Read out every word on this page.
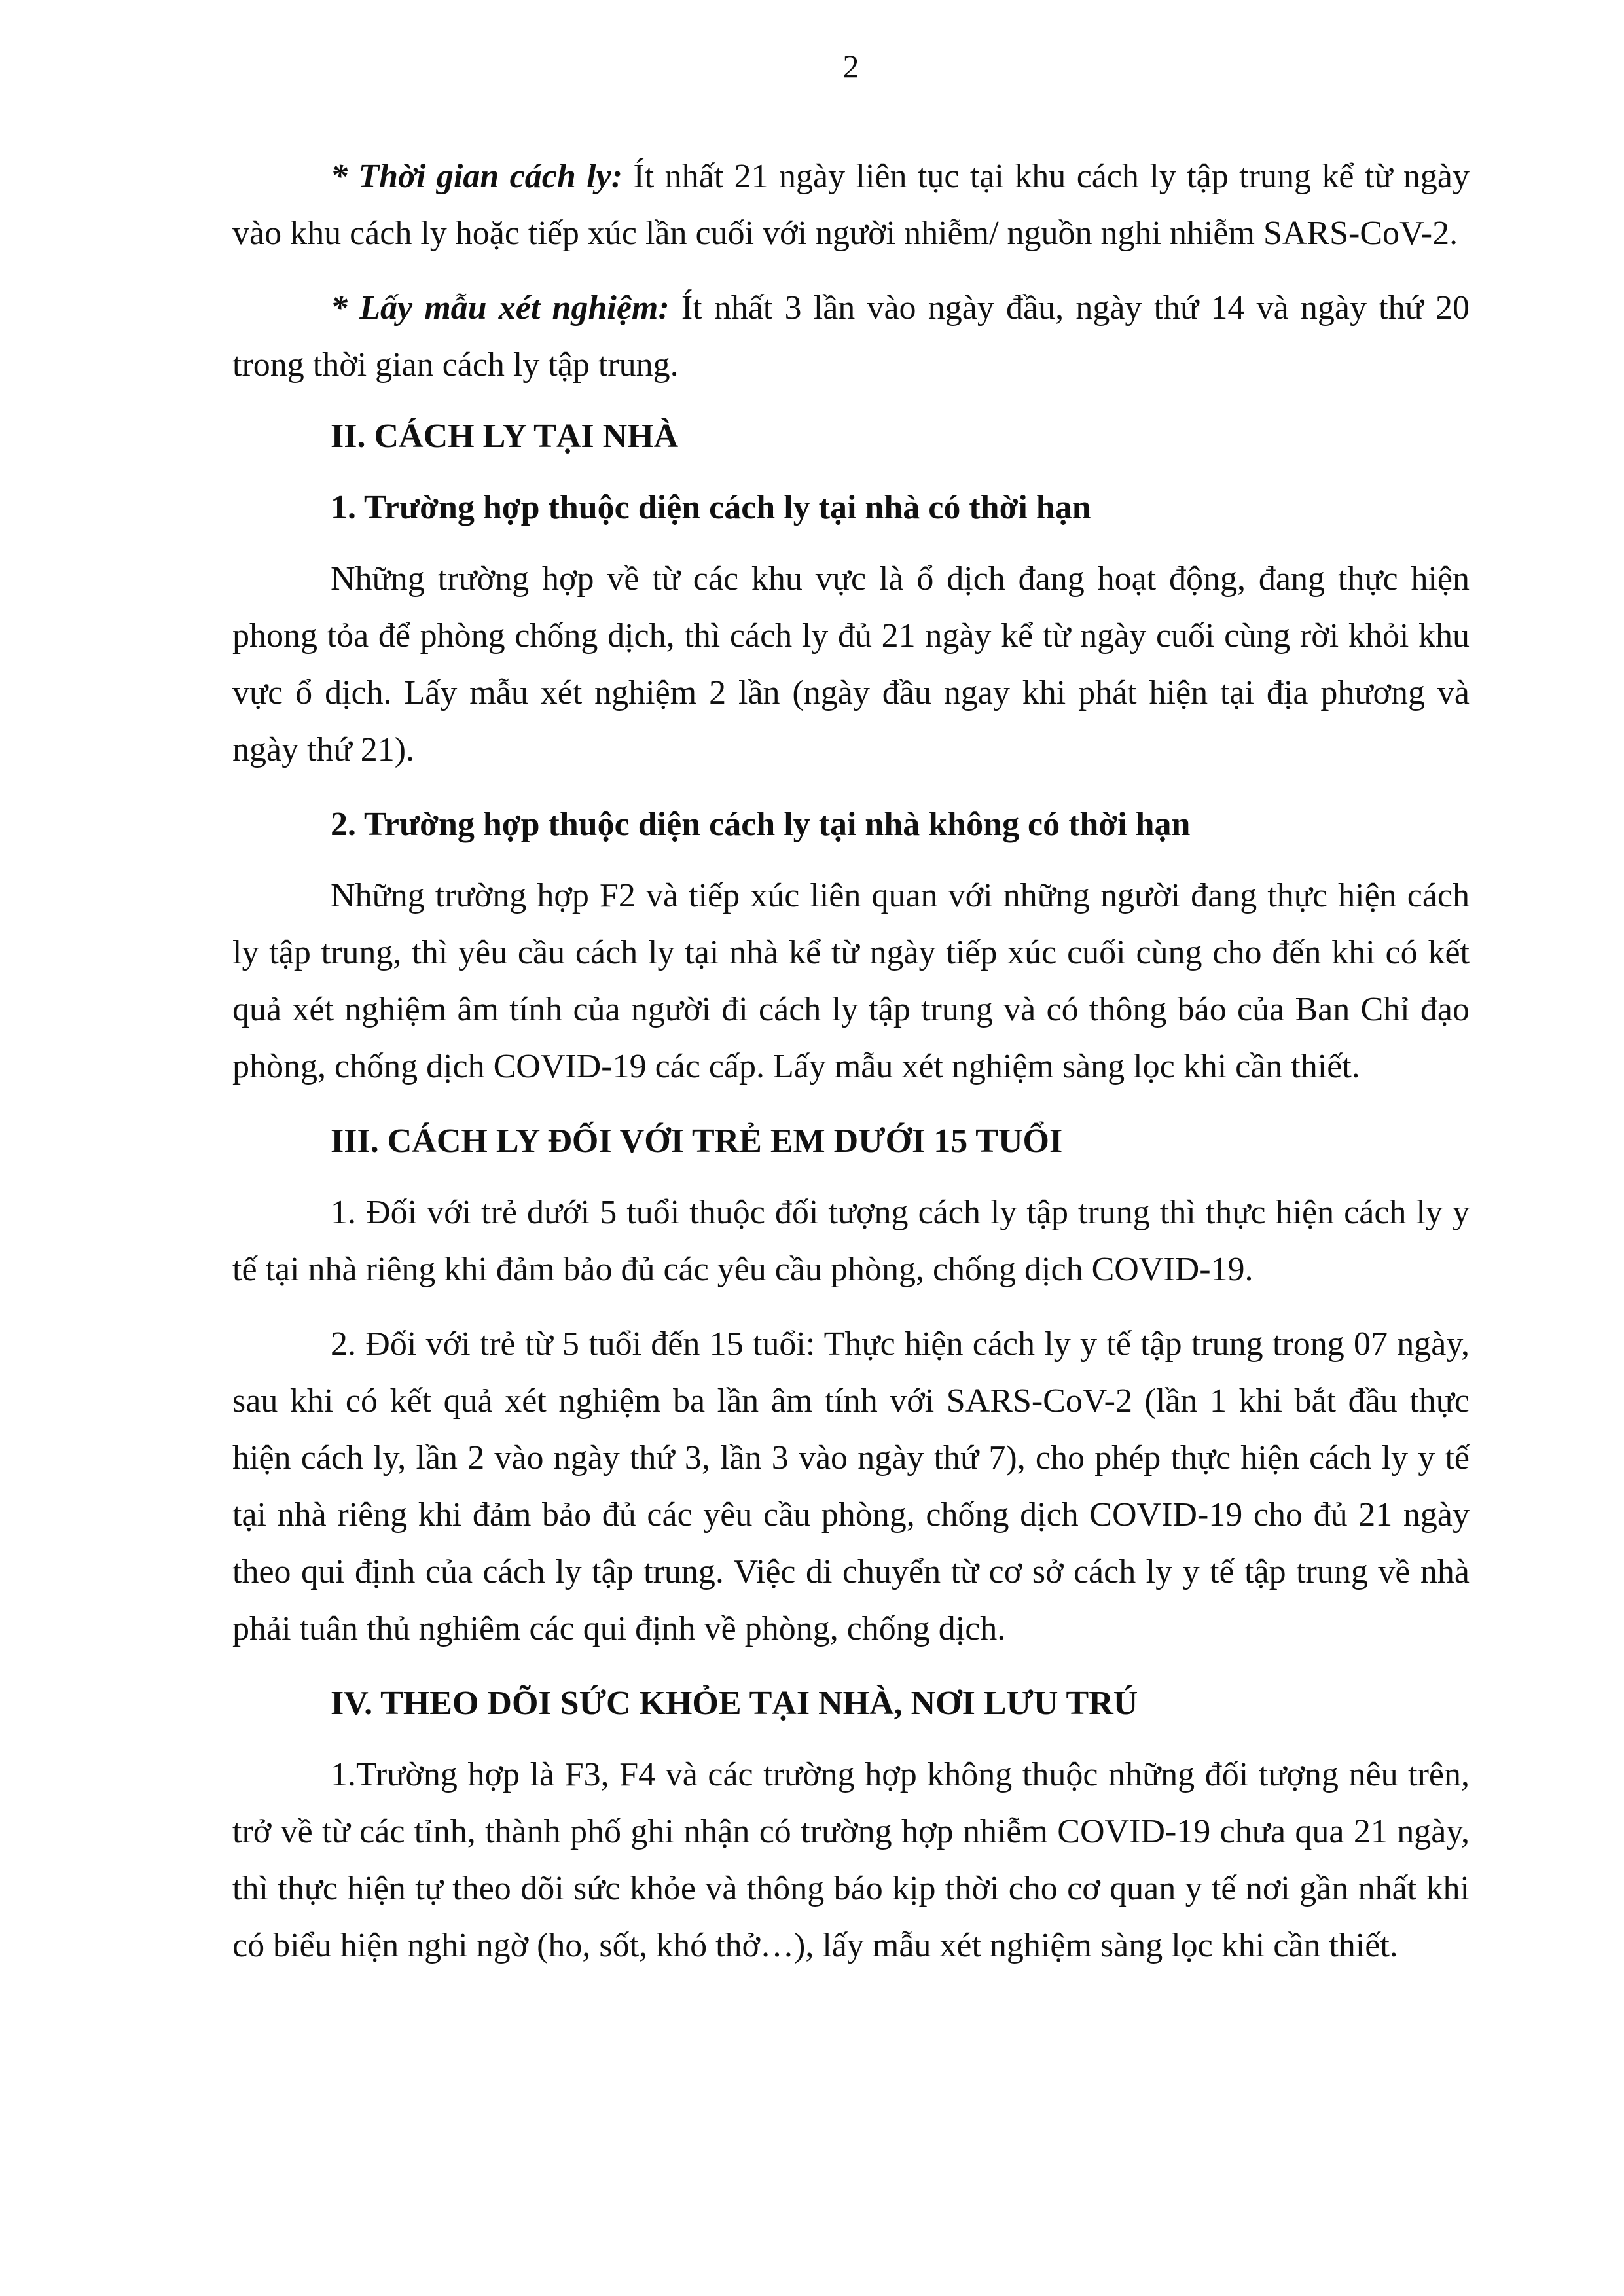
2

* Thời gian cách ly: Ít nhất 21 ngày liên tục tại khu cách ly tập trung kể từ ngày vào khu cách ly hoặc tiếp xúc lần cuối với người nhiễm/ nguồn nghi nhiễm SARS-CoV-2.

* Lấy mẫu xét nghiệm: Ít nhất 3 lần vào ngày đầu, ngày thứ 14 và ngày thứ 20 trong thời gian cách ly tập trung.

II. CÁCH LY TẠI NHÀ

1. Trường hợp thuộc diện cách ly tại nhà có thời hạn

Những trường hợp về từ các khu vực là ổ dịch đang hoạt động, đang thực hiện phong tỏa để phòng chống dịch, thì cách ly đủ 21 ngày kể từ ngày cuối cùng rời khỏi khu vực ổ dịch. Lấy mẫu xét nghiệm 2 lần (ngày đầu ngay khi phát hiện tại địa phương và ngày thứ 21).

2. Trường hợp thuộc diện cách ly tại nhà không có thời hạn

Những trường hợp F2 và tiếp xúc liên quan với những người đang thực hiện cách ly tập trung, thì yêu cầu cách ly tại nhà kể từ ngày tiếp xúc cuối cùng cho đến khi có kết quả xét nghiệm âm tính của người đi cách ly tập trung và có thông báo của Ban Chỉ đạo phòng, chống dịch COVID-19 các cấp. Lấy mẫu xét nghiệm sàng lọc khi cần thiết.

III. CÁCH LY ĐỐI VỚI TRẺ EM DƯỚI 15 TUỔI

1. Đối với trẻ dưới 5 tuổi thuộc đối tượng cách ly tập trung thì thực hiện cách ly y tế tại nhà riêng khi đảm bảo đủ các yêu cầu phòng, chống dịch COVID-19.

2. Đối với trẻ từ 5 tuổi đến 15 tuổi: Thực hiện cách ly y tế tập trung trong 07 ngày, sau khi có kết quả xét nghiệm ba lần âm tính với SARS-CoV-2 (lần 1 khi bắt đầu thực hiện cách ly, lần 2 vào ngày thứ 3, lần 3 vào ngày thứ 7), cho phép thực hiện cách ly y tế tại nhà riêng khi đảm bảo đủ các yêu cầu phòng, chống dịch COVID-19 cho đủ 21 ngày theo qui định của cách ly tập trung. Việc di chuyển từ cơ sở cách ly y tế tập trung về nhà phải tuân thủ nghiêm các qui định về phòng, chống dịch.

IV. THEO DÕI SỨC KHỎE TẠI NHÀ, NƠI LƯU TRÚ

1.Trường hợp là F3, F4 và các trường hợp không thuộc những đối tượng nêu trên, trở về từ các tỉnh, thành phố ghi nhận có trường hợp nhiễm COVID-19 chưa qua 21 ngày, thì thực hiện tự theo dõi sức khỏe và thông báo kịp thời cho cơ quan y tế nơi gần nhất khi có biểu hiện nghi ngờ (ho, sốt, khó thở…), lấy mẫu xét nghiệm sàng lọc khi cần thiết.
